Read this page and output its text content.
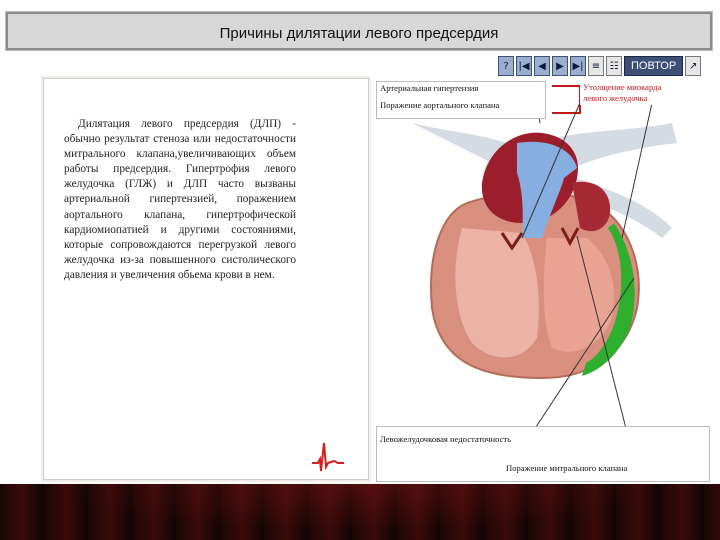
Причины дилятации левого предсердия
? |◀ ◀	▶ ▶| ≡ ☷	ПОВТОР	↗

Дилятация левого предсердия (ДЛП) - обычно результат стеноза или недостаточности митрального клапана,увеличивающих объем работы предсердия. Гипертрофия левого желудочка (ГЛЖ) и ДЛП часто вызваны артериальной гипертензией, поражением аортального клапана, гипертрофической кардиомиопатией и другими состояниями, которые сопровождаются перегрузкой левого желудочка из-за повышенного систолического давления и увеличения обьема крови в нем.

Артериальная гипертензия
Поражение аортального клапана
Утолщение миокарда
левого желудочка
Левожелудочковая недостаточность
Поражение митрального клапана
